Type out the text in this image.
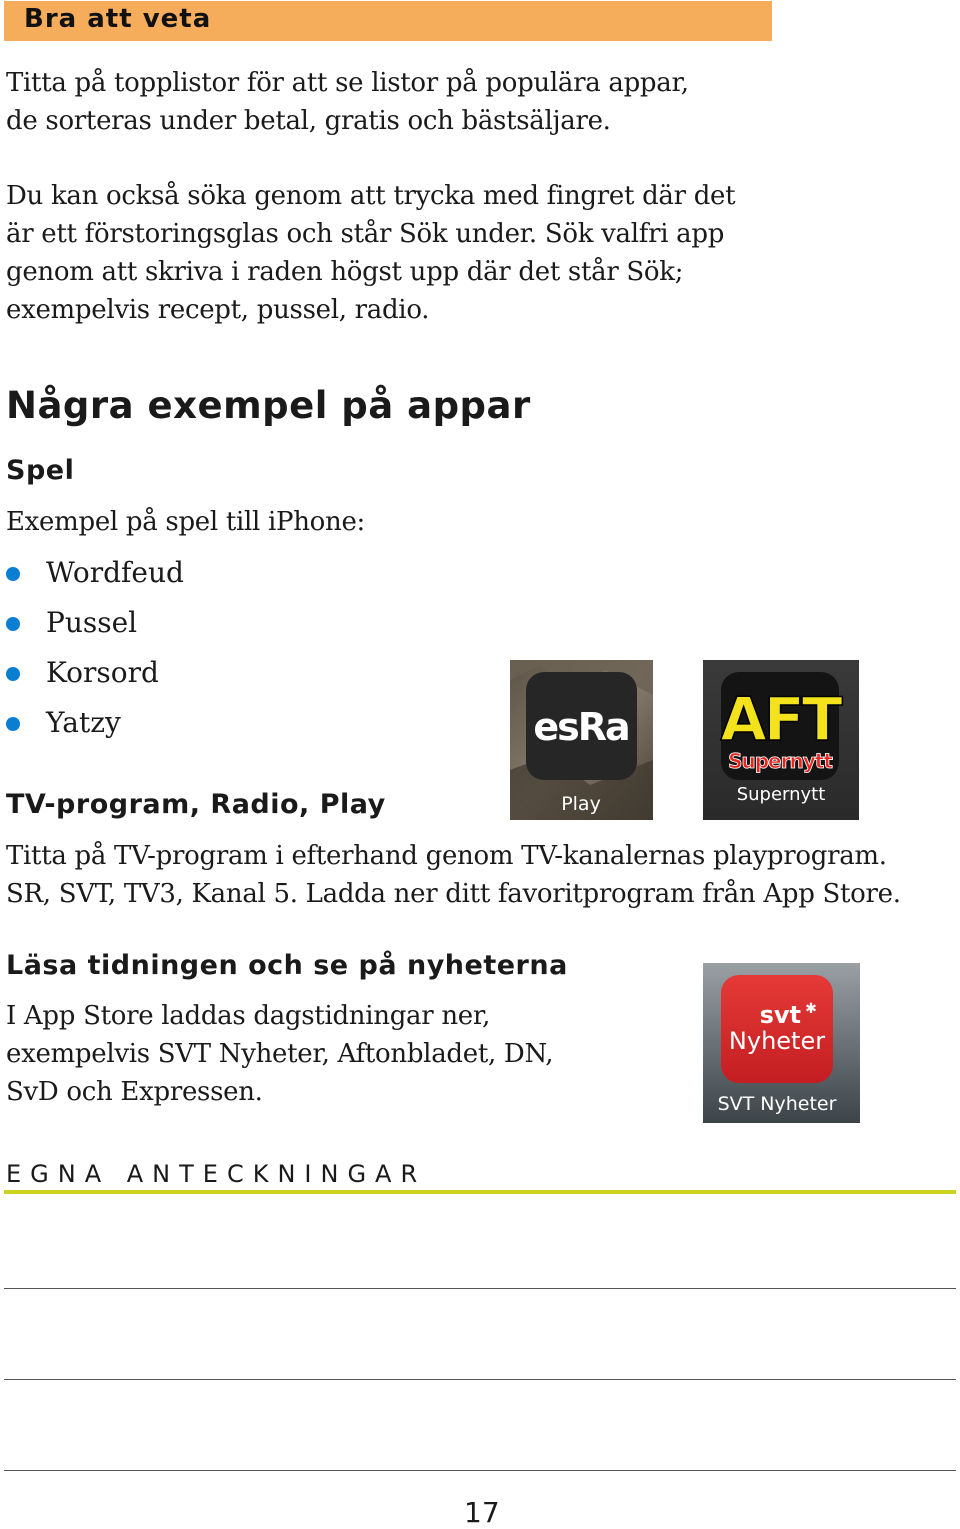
Bra att veta
Titta på topplistor för att se listor på populära appar,
de sorteras under betal, gratis och bästsäljare.
Du kan också söka genom att trycka med fingret där det
är ett förstoringsglas och står Sök under. Sök valfri app
genom att skriva i raden högst upp där det står Sök;
exempelvis recept, pussel, radio.
Några exempel på appar
Spel
Exempel på spel till iPhone:
Wordfeud
Pussel
Korsord
Yatzy	esRa
Play
AFT
Supernytt
Supernytt
TV-program, Radio, Play
Titta på TV-program i efterhand genom TV-kanalernas playprogram.
SR, SVT, TV3, Kanal 5. Ladda ner ditt favoritprogram från App Store.
Läsa tidningen och se på nyheterna
I App Store laddas dagstidningar ner,
exempelvis SVT Nyheter, Aftonbladet, DN,
SvD och Expressen.
svt ✱
Nyheter
SVT Nyheter
EGNA ANTECKNINGAR
17
